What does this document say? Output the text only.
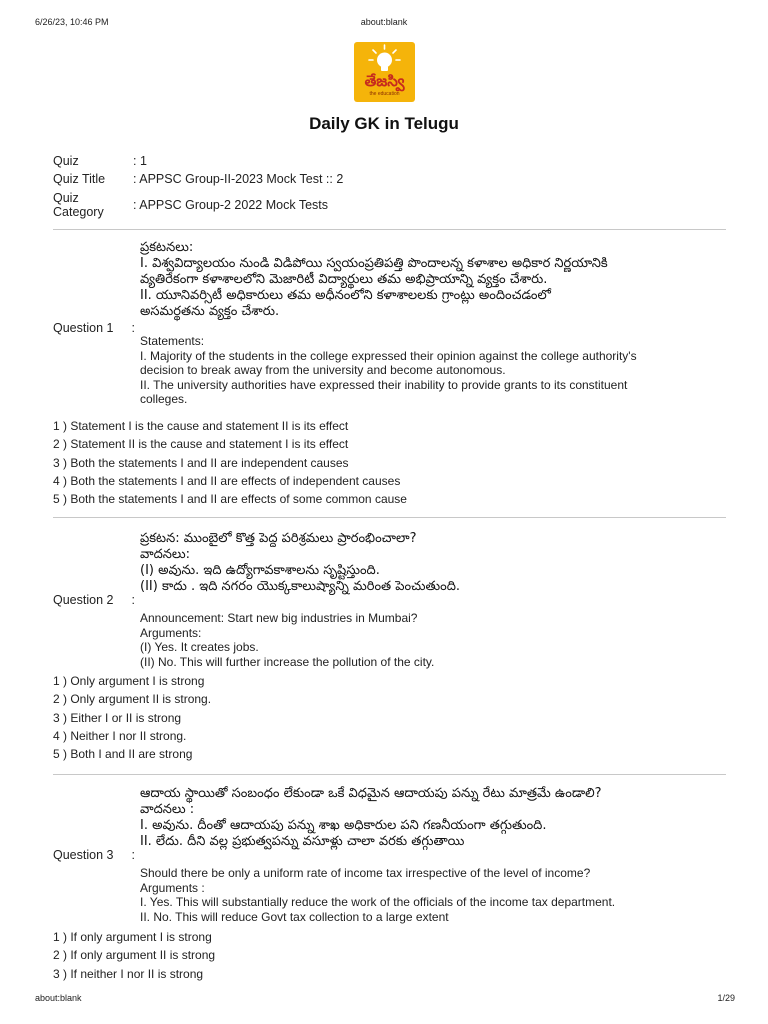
6/26/23, 10:46 PM	about:blank
about:blank	1/29
తేజస్వి
the education
Daily GK in Telugu
Quiz	: 1
Quiz Title	: APPSC Group-II-2023 Mock Test :: 2
Quiz
Category	: APPSC Group-2 2022 Mock Tests
Question 1 :

ప్రకటనలు:

I. విశ్వవిద్యాలయం నుండి విడిపోయి స్వయంప్రతిపత్తి పొందాలన్న కళాశాల అధికార నిర్ణయానికి

వ్యతిరేకంగా కళాశాలలోని మెజారిటీ విద్యార్థులు తమ అభిప్రాయాన్ని వ్యక్తం చేశారు.

II. యూనివర్సిటీ అధికారులు తమ అధీనంలోని కళాశాలలకు గ్రాంట్లు అందించడంలో

అసమర్థతను వ్యక్తం చేశారు.

Statements:

I. Majority of the students in the college expressed their opinion against the college authority's

decision to break away from the university and become autonomous.

II. The university authorities have expressed their inability to provide grants to its constituent

colleges.

1 ) Statement I is the cause and statement II is its effect
2 ) Statement II is the cause and statement I is its effect
3 ) Both the statements I and II are independent causes
4 ) Both the statements I and II are effects of independent causes
5 ) Both the statements I and II are effects of some common cause
Question 2 :

ప్రకటన: ముంబైలో కొత్త పెద్ద పరిశ్రమలు ప్రారంభించాలా?

వాదనలు:

(I) అవును. ఇది ఉద్యోగావకాశాలను సృష్టిస్తుంది.

(II) కాదు . ఇది నగరం యొక్కకాలుష్యాన్ని మరింత పెంచుతుంది.

Announcement: Start new big industries in Mumbai?

Arguments:

(I) Yes. It creates jobs.

(II) No. This will further increase the pollution of the city.

1 ) Only argument I is strong
2 ) Only argument II is strong.
3 ) Either I or II is strong
4 ) Neither I nor II strong.
5 ) Both I and II are strong
Question 3 :

ఆదాయ స్థాయితో సంబంధం లేకుండా ఒకే విధమైన ఆదాయపు పన్ను రేటు మాత్రమే ఉండాలి?

వాదనలు :

I. అవును. దీంతో ఆదాయపు పన్ను శాఖ అధికారుల పని గణనీయంగా తగ్గుతుంది.

II. లేదు. దీని వల్ల ప్రభుత్వపన్ను వసూళ్లు చాలా వరకు తగ్గుతాయి

Should there be only a uniform rate of income tax irrespective of the level of income?

Arguments :

I. Yes. This will substantially reduce the work of the officials of the income tax department.

II. No. This will reduce Govt tax collection to a large extent

1 ) If only argument I is strong
2 ) If only argument II is strong
3 ) If neither I nor II is strong
